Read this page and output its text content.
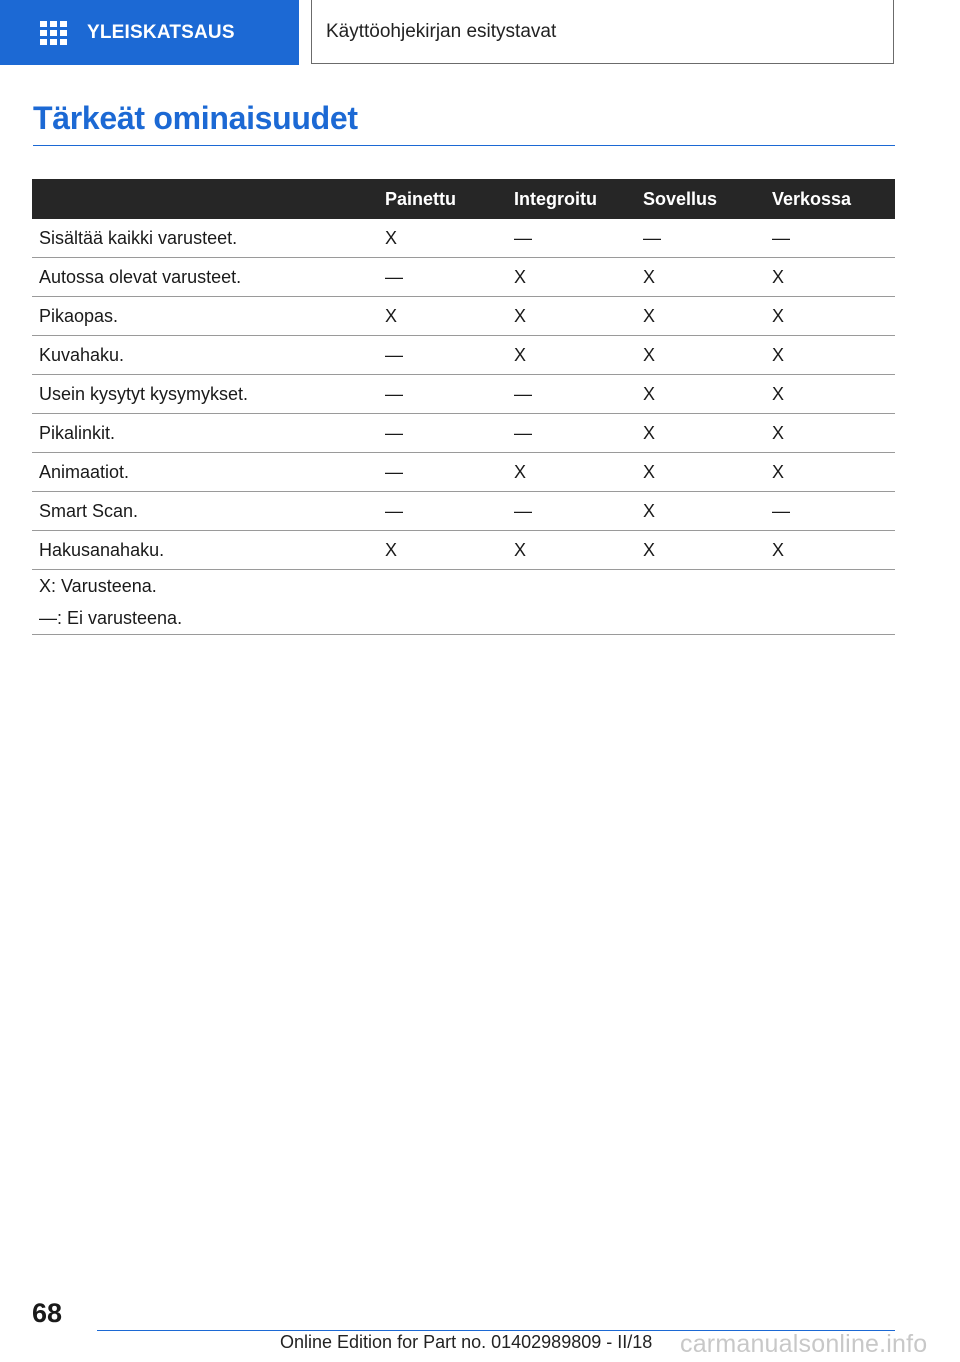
YLEISKATSAUS	Käyttöohjekirjan esitystavat
Tärkeät ominaisuudet
	Painettu	Integroitu	Sovellus	Verkossa
Sisältää kaikki varusteet.	X	—	—	—
Autossa olevat varusteet.	—	X	X	X
Pikaopas.	X	X	X	X
Kuvahaku.	—	X	X	X
Usein kysytyt kysymykset.	—	—	X	X
Pikalinkit.	—	—	X	X
Animaatiot.	—	X	X	X
Smart Scan.	—	—	X	—
Hakusanahaku.	X	X	X	X

X: Varusteena.
—: Ei varusteena.				
68
Online Edition for Part no. 01402989809 - II/18 carmanualsonline.info
